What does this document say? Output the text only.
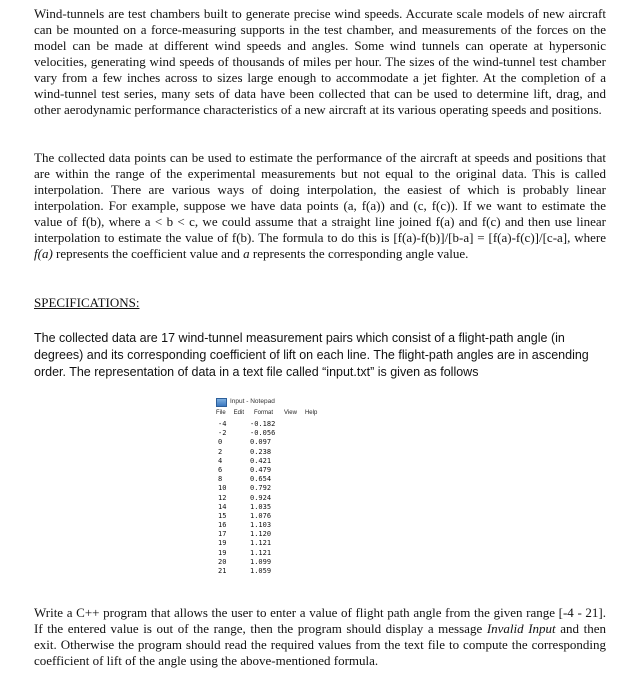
Wind-tunnels are test chambers built to generate precise wind speeds. Accurate scale models of new aircraft can be mounted on a force-measuring supports in the test chamber, and measurements of the forces on the model can be made at different wind speeds and angles. Some wind tunnels can operate at hypersonic velocities, generating wind speeds of thousands of miles per hour. The sizes of the wind-tunnel test chamber vary from a few inches across to sizes large enough to accommodate a jet fighter. At the completion of a wind-tunnel test series, many sets of data have been collected that can be used to determine lift, drag, and other aerodynamic performance characteristics of a new aircraft at its various operating speeds and positions.
The collected data points can be used to estimate the performance of the aircraft at speeds and positions that are within the range of the experimental measurements but not equal to the original data. This is called interpolation. There are various ways of doing interpolation, the easiest of which is probably linear interpolation. For example, suppose we have data points (a, f(a)) and (c, f(c)). If we want to estimate the value of f(b), where a < b < c, we could assume that a straight line joined f(a) and f(c) and then use linear interpolation to estimate the value of f(b). The formula to do this is [f(a)-f(b)]/[b-a] = [f(a)-f(c)]/[c-a], where f(a) represents the coefficient value and a represents the corresponding angle value.
SPECIFICATIONS:
The collected data are 17 wind-tunnel measurement pairs which consist of a flight-path angle (in degrees) and its corresponding coefficient of lift on each line. The flight-path angles are in ascending order. The representation of data in a text file called “input.txt” is given as follows
Input - Notepad
File Edit Format View Help
-4	-0.182
-2	-0.056
0	0.097
2	0.238
4	0.421
6	0.479
8	0.654
10	0.792
12	0.924
14	1.035
15	1.076
16	1.103
17	1.120
19	1.121
19	1.121
20	1.099
21	1.059
Write a C++ program that allows the user to enter a value of flight path angle from the given range [-4 - 21]. If the entered value is out of the range, then the program should display a message Invalid Input and then exit. Otherwise the program should read the required values from the text file to compute the corresponding coefficient of lift of the angle using the above-mentioned formula.
